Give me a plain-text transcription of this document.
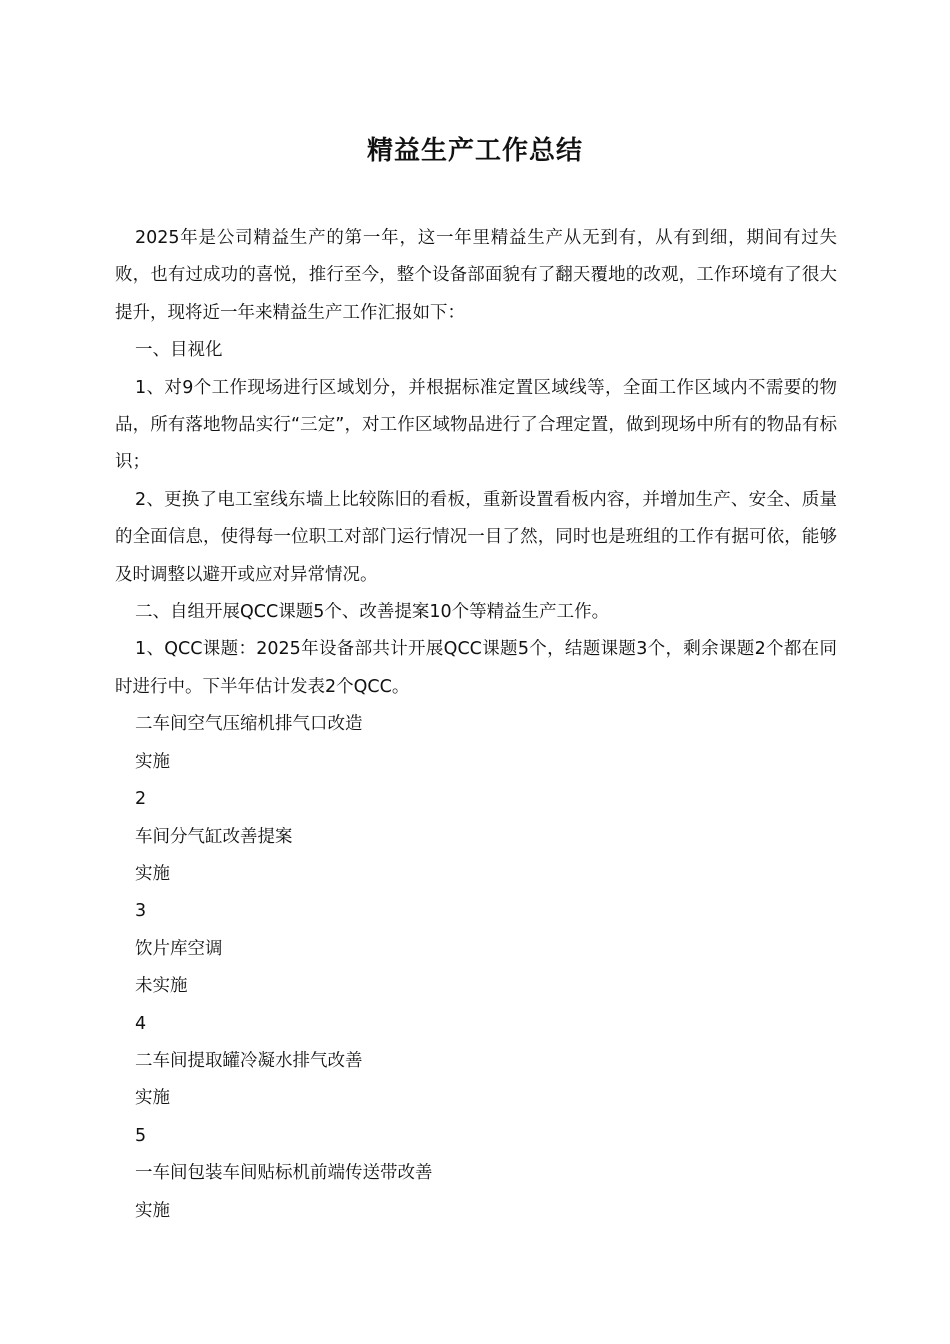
精益生产工作总结

2025年是公司精益生产的第一年，这一年里精益生产从无到有，从有到细，期间有过失败，也有过成功的喜悦，推行至今，整个设备部面貌有了翻天覆地的改观，工作环境有了很大提升，现将近一年来精益生产工作汇报如下：

一、目视化

1、对9个工作现场进行区域划分，并根据标准定置区域线等，全面工作区域内不需要的物品，所有落地物品实行“三定”，对工作区域物品进行了合理定置，做到现场中所有的物品有标识；

2、更换了电工室线东墙上比较陈旧的看板，重新设置看板内容，并增加生产、安全、质量的全面信息，使得每一位职工对部门运行情况一目了然，同时也是班组的工作有据可依，能够及时调整以避开或应对异常情况。

二、自组开展QCC课题5个、改善提案10个等精益生产工作。

1、QCC课题：2025年设备部共计开展QCC课题5个，结题课题3个，剩余课题2个都在同时进行中。下半年估计发表2个QCC。

二车间空气压缩机排气口改造
实施
2
车间分气缸改善提案
实施
3
饮片库空调
未实施
4
二车间提取罐冷凝水排气改善
实施
5
一车间包装车间贴标机前端传送带改善
实施
